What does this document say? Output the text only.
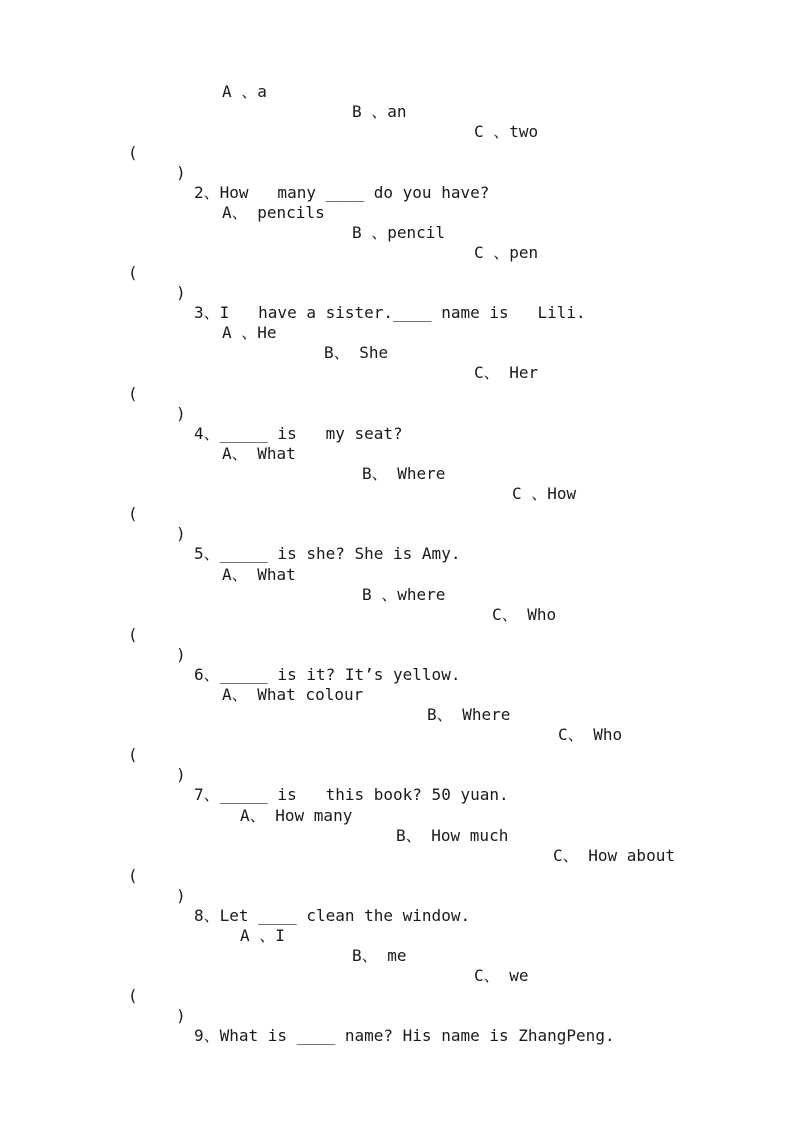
A 、a

B 、an

C 、two

(

)

2、How   many ____ do you have?

A、 pencils

B 、pencil

C 、pen

(

)

3、I   have a sister.____ name is   Lili.

A 、He

B、 She

C、 Her

(

)

4、_____ is   my seat?

A、 What

B、 Where

C 、How

(

)

5、_____ is she? She is Amy.

A、 What

B 、where

C、 Who

(

)

6、_____ is it? It’s yellow.

A、 What colour

B、 Where

C、 Who

(

)

7、_____ is   this book? 50 yuan.

A、 How many

B、 How much

C、 How about

(

)

8、Let ____ clean the window.

A 、I

B、 me

C、 we

(

)

9、What is ____ name? His name is ZhangPeng.
